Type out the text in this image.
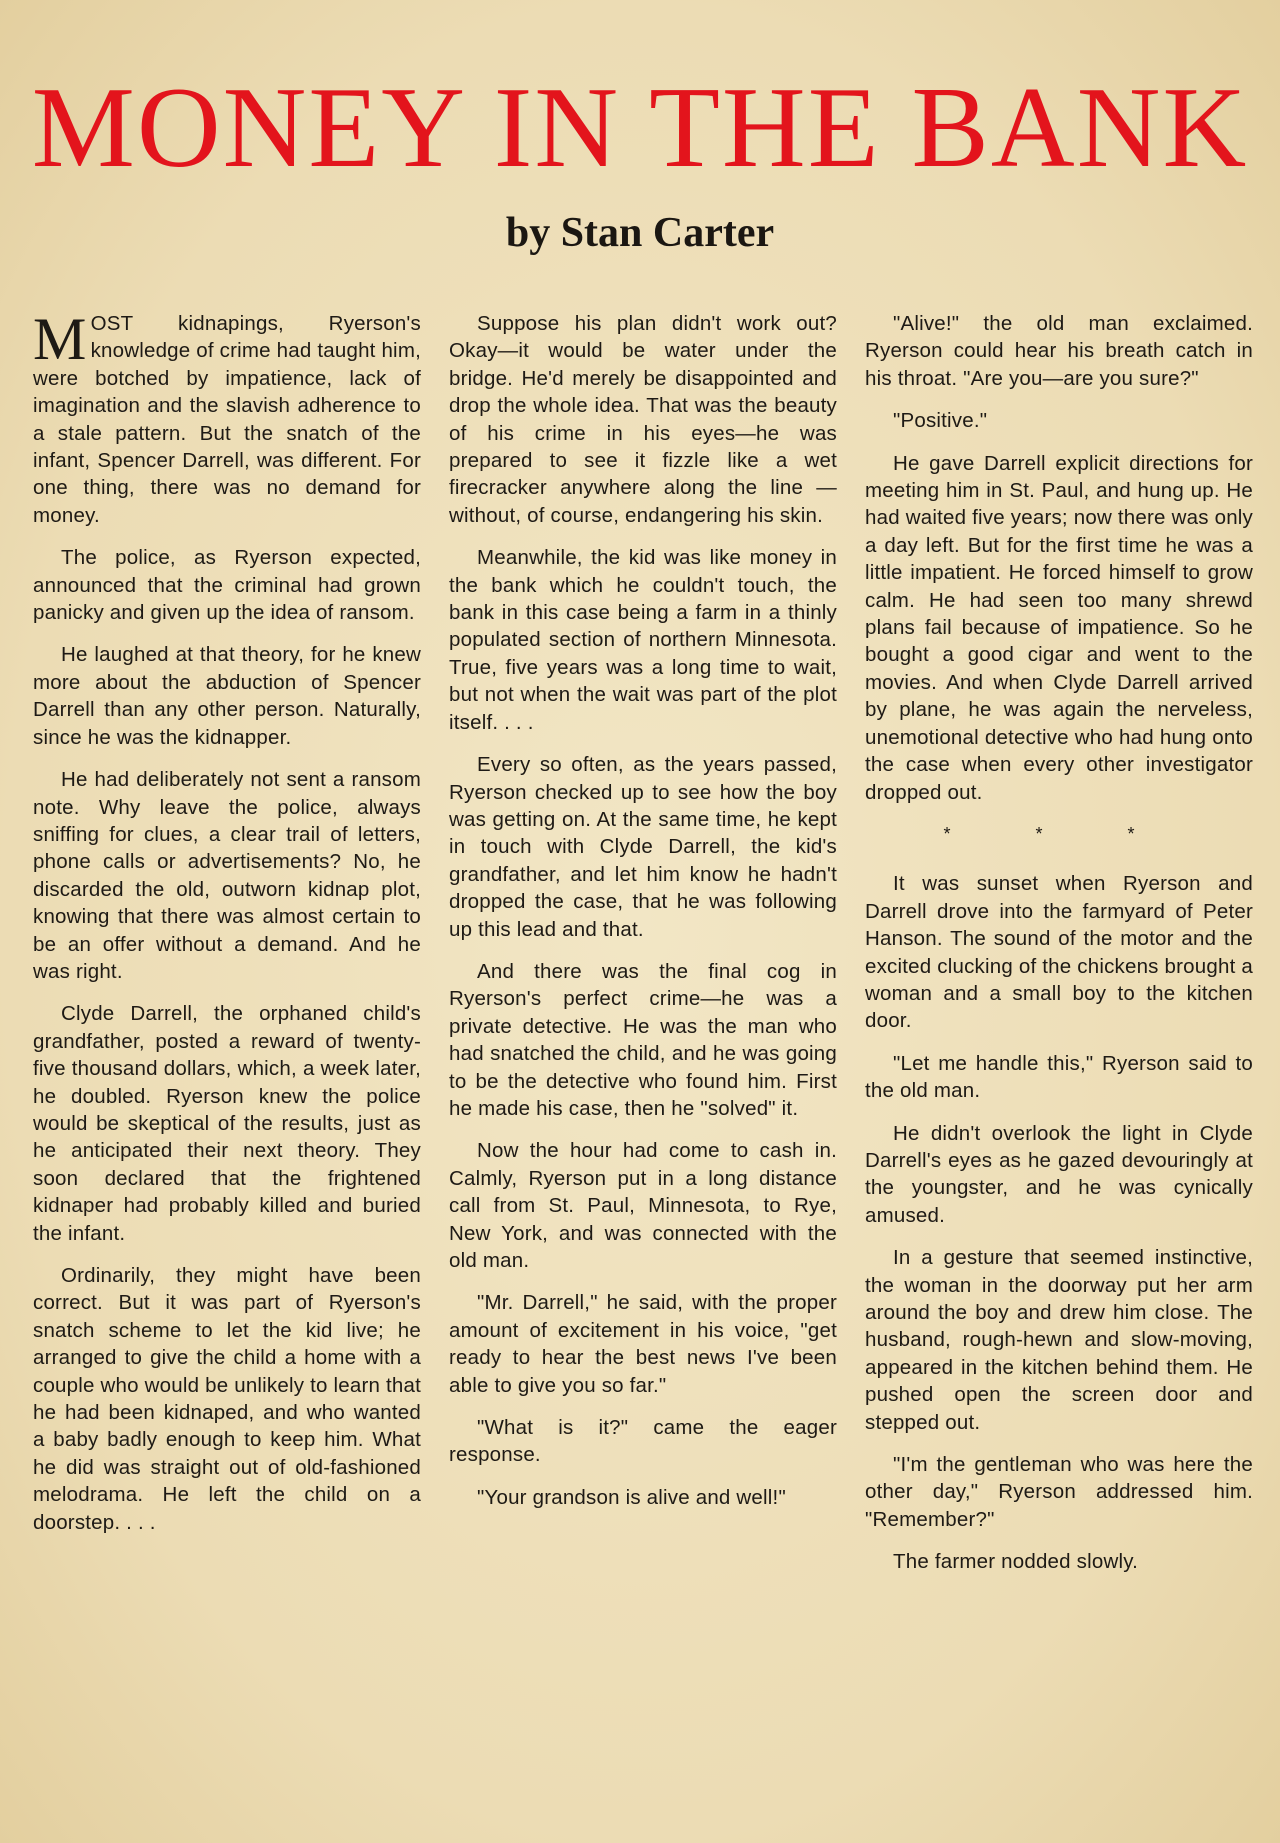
MONEY IN THE BANK
by Stan Carter

MOST kidnapings, Ryerson's knowledge of crime had taught him, were botched by impatience, lack of imagination and the slavish adherence to a stale pattern. But the snatch of the infant, Spencer Darrell, was different. For one thing, there was no demand for money.

The police, as Ryerson expected, announced that the criminal had grown panicky and given up the idea of ransom.

He laughed at that theory, for he knew more about the abduction of Spencer Darrell than any other person. Naturally, since he was the kidnapper.

He had deliberately not sent a ransom note. Why leave the police, always sniffing for clues, a clear trail of letters, phone calls or advertisements? No, he discarded the old, outworn kidnap plot, knowing that there was almost certain to be an offer without a demand. And he was right.

Clyde Darrell, the orphaned child's grandfather, posted a reward of twenty-five thousand dollars, which, a week later, he doubled. Ryerson knew the police would be skeptical of the results, just as he anticipated their next theory. They soon declared that the frightened kidnaper had probably killed and buried the infant.

Ordinarily, they might have been correct. But it was part of Ryerson's snatch scheme to let the kid live; he arranged to give the child a home with a couple who would be unlikely to learn that he had been kidnaped, and who wanted a baby badly enough to keep him. What he did was straight out of old-fashioned melodrama. He left the child on a doorstep. . . .

Suppose his plan didn't work out? Okay—it would be water under the bridge. He'd merely be disappointed and drop the whole idea. That was the beauty of his crime in his eyes—he was prepared to see it fizzle like a wet firecracker anywhere along the line — without, of course, endangering his skin.

Meanwhile, the kid was like money in the bank which he couldn't touch, the bank in this case being a farm in a thinly populated section of northern Minnesota. True, five years was a long time to wait, but not when the wait was part of the plot itself. . . .

Every so often, as the years passed, Ryerson checked up to see how the boy was getting on. At the same time, he kept in touch with Clyde Darrell, the kid's grandfather, and let him know he hadn't dropped the case, that he was following up this lead and that.

And there was the final cog in Ryerson's perfect crime—he was a private detective. He was the man who had snatched the child, and he was going to be the detective who found him. First he made his case, then he "solved" it.

Now the hour had come to cash in. Calmly, Ryerson put in a long distance call from St. Paul, Minnesota, to Rye, New York, and was connected with the old man.

"Mr. Darrell," he said, with the proper amount of excitement in his voice, "get ready to hear the best news I've been able to give you so far."

"What is it?" came the eager response.

"Your grandson is alive and well!"

"Alive!" the old man exclaimed. Ryerson could hear his breath catch in his throat. "Are you—are you sure?"

"Positive."

He gave Darrell explicit directions for meeting him in St. Paul, and hung up. He had waited five years; now there was only a day left. But for the first time he was a little impatient. He forced himself to grow calm. He had seen too many shrewd plans fail because of impatience. So he bought a good cigar and went to the movies. And when Clyde Darrell arrived by plane, he was again the nerveless, unemotional detective who had hung onto the case when every other investigator dropped out.

* * *

It was sunset when Ryerson and Darrell drove into the farmyard of Peter Hanson. The sound of the motor and the excited clucking of the chickens brought a woman and a small boy to the kitchen door.

"Let me handle this," Ryerson said to the old man.

He didn't overlook the light in Clyde Darrell's eyes as he gazed devouringly at the youngster, and he was cynically amused.

In a gesture that seemed instinctive, the woman in the doorway put her arm around the boy and drew him close. The husband, rough-hewn and slow-moving, appeared in the kitchen behind them. He pushed open the screen door and stepped out.

"I'm the gentleman who was here the other day," Ryerson addressed him. "Remember?"

The farmer nodded slowly.
